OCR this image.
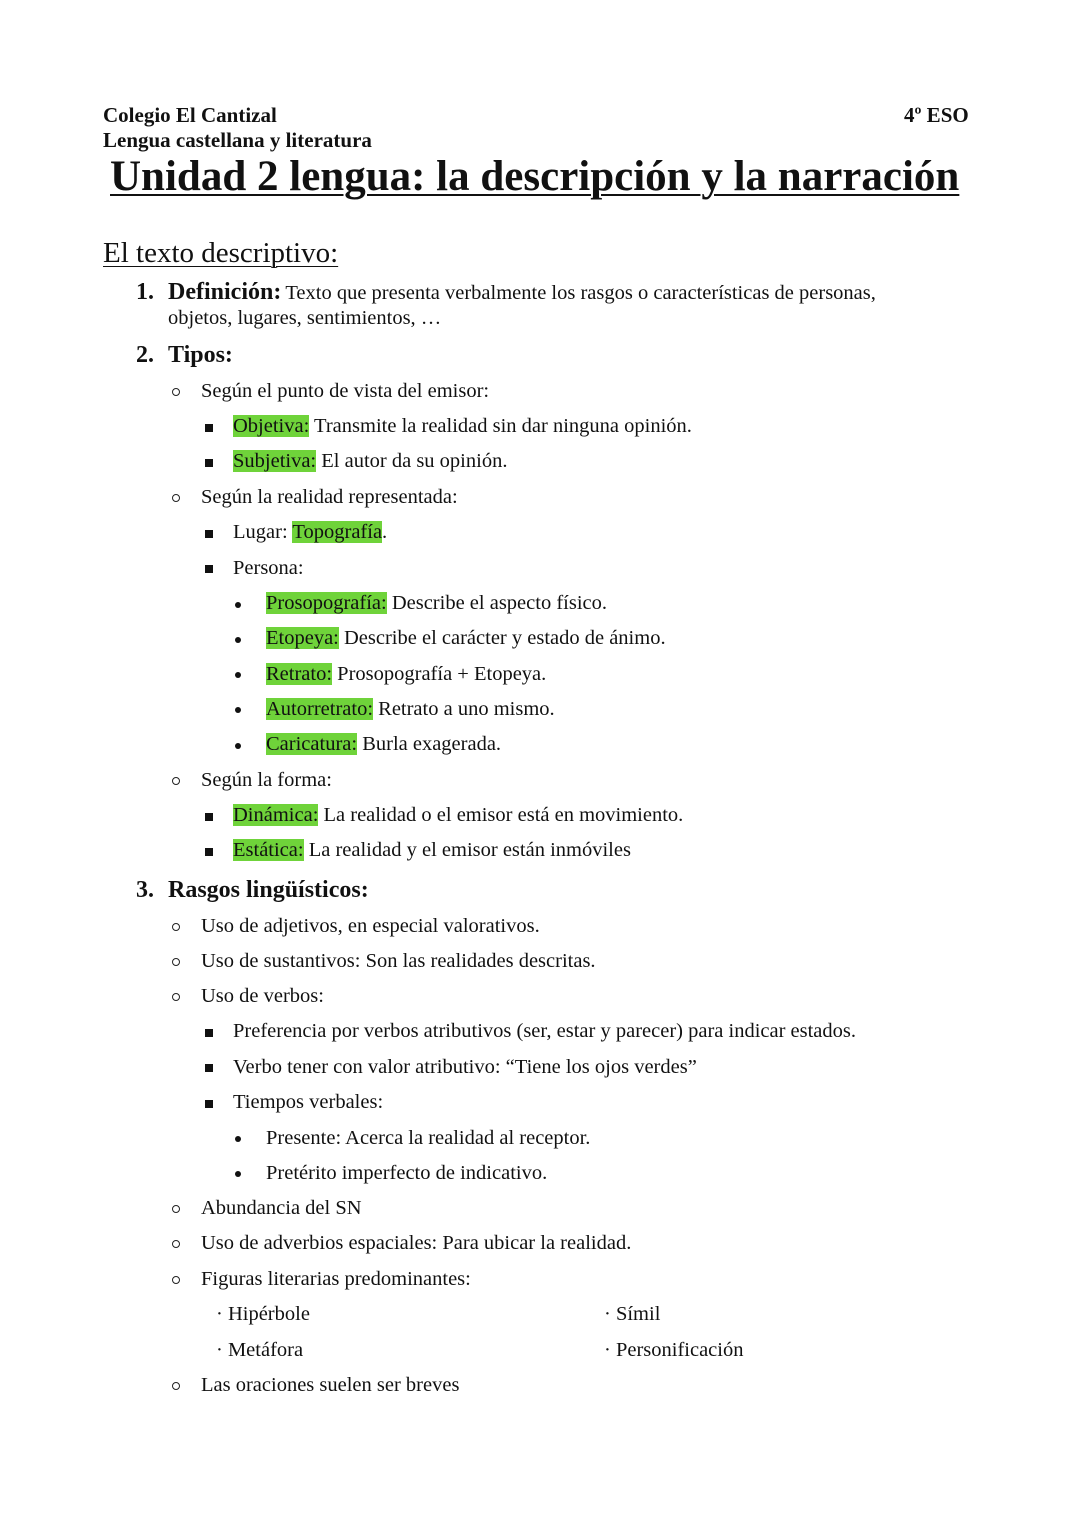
Colegio El Cantizal
Lengua castellana y literatura
4º ESO
Unidad 2 lengua: la descripción y la narración
El texto descriptivo:
1. Definición: Texto que presenta verbalmente los rasgos o características de personas,
objetos, lugares, sentimientos, …
2. Tipos:
Según el punto de vista del emisor:
Objetiva: Transmite la realidad sin dar ninguna opinión.
Subjetiva: El autor da su opinión.
Según la realidad representada:
Lugar: Topografía.
Persona:
Prosopografía: Describe el aspecto físico.
Etopeya: Describe el carácter y estado de ánimo.
Retrato: Prosopografía + Etopeya.
Autorretrato: Retrato a uno mismo.
Caricatura: Burla exagerada.
Según la forma:
Dinámica: La realidad o el emisor está en movimiento.
Estática: La realidad y el emisor están inmóviles
3. Rasgos lingüísticos:
Uso de adjetivos, en especial valorativos.
Uso de sustantivos: Son las realidades descritas.
Uso de verbos:
Preferencia por verbos atributivos (ser, estar y parecer) para indicar estados.
Verbo tener con valor atributivo: “Tiene los ojos verdes”
Tiempos verbales:
Presente: Acerca la realidad al receptor.
Pretérito imperfecto de indicativo.
Abundancia del SN
Uso de adverbios espaciales: Para ubicar la realidad.
Figuras literarias predominantes:
· Hipérbole	· Símil
· Metáfora	· Personificación
Las oraciones suelen ser breves
